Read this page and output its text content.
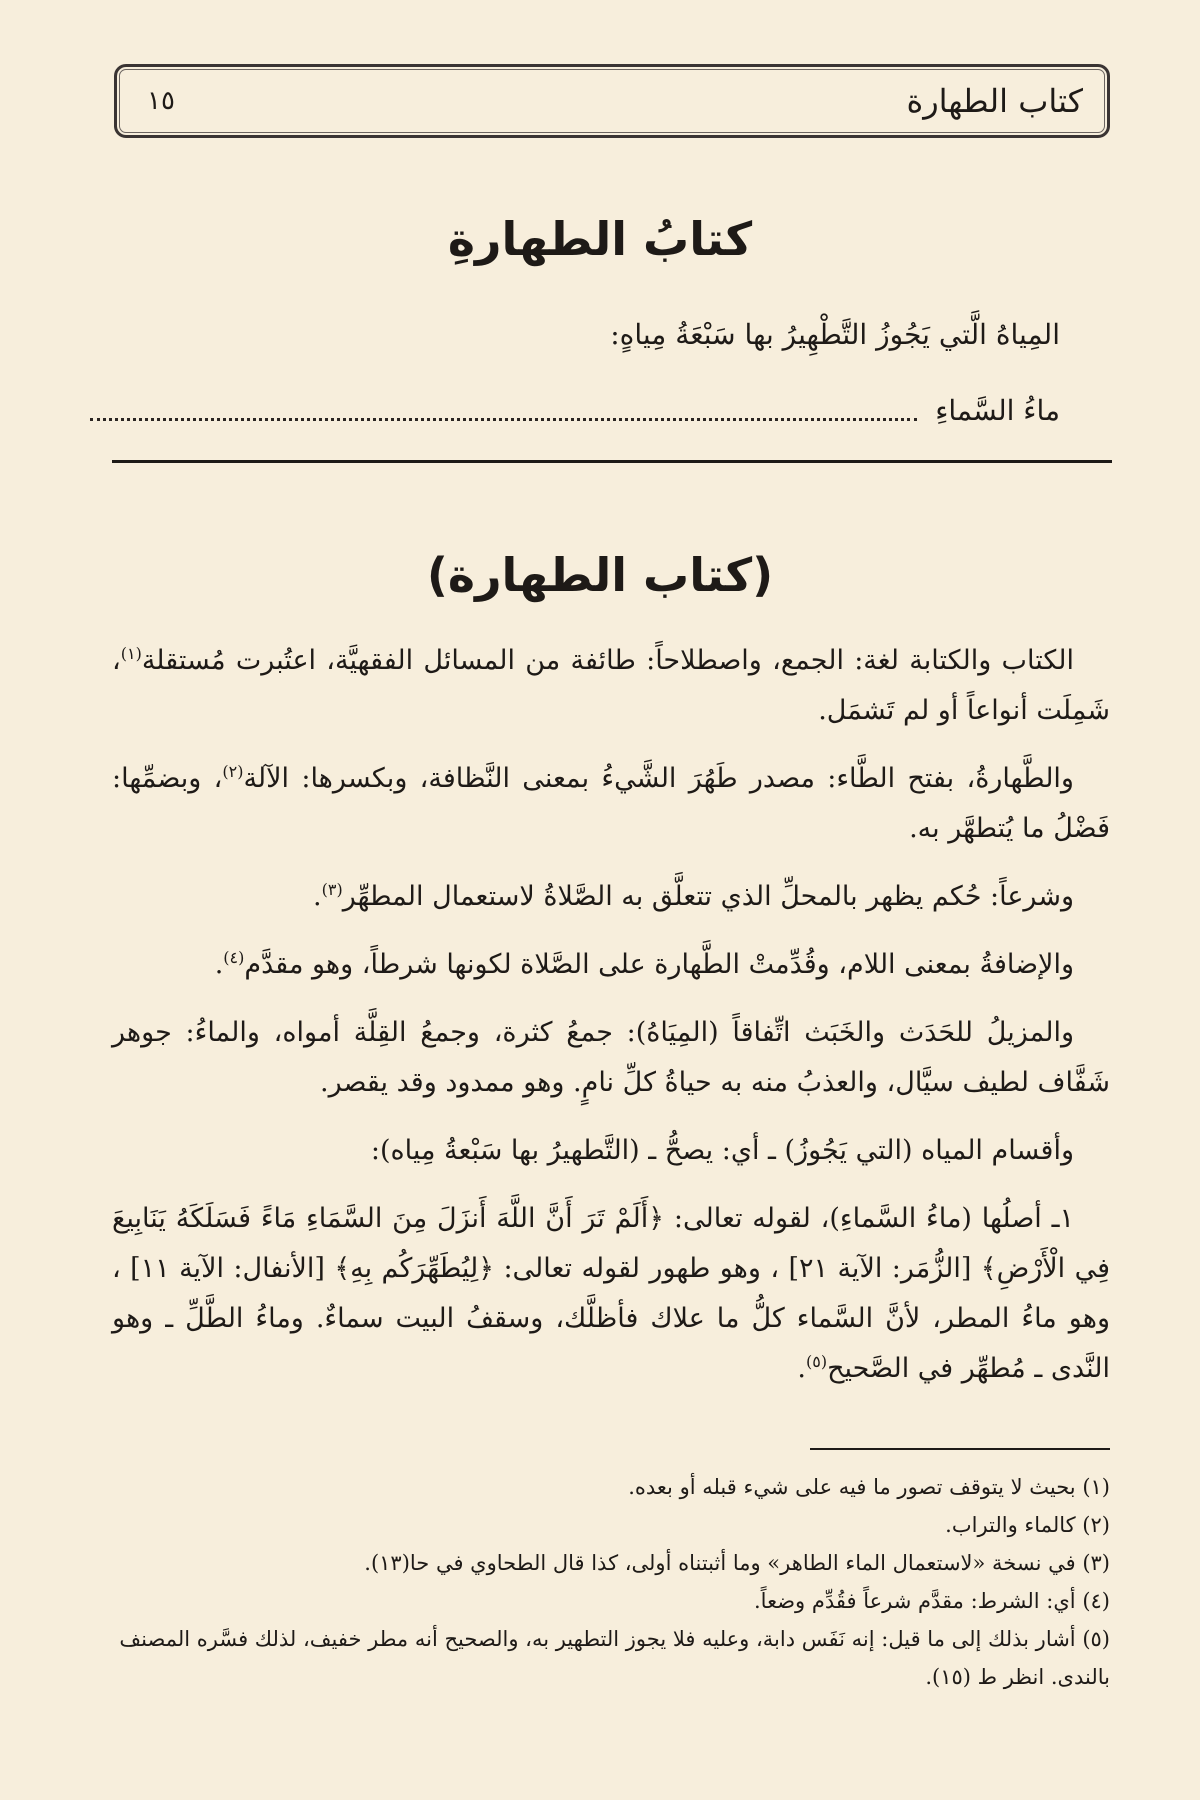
١٥	كتاب الطهارة
كتابُ الطهارةِ
المِياهُ الَّتي يَجُوزُ التَّطْهِيرُ بها سَبْعَةُ مِياهٍ:
ماءُ السَّماءِ
(كتاب الطهارة)

الكتاب والكتابة لغة: الجمع، واصطلاحاً: طائفة من المسائل الفقهيَّة، اعتُبرت مُستقلة$^{(١)}$، شَمِلَت أنواعاً أو لم تَشمَل.

والطَّهارةُ، بفتح الطَّاء: مصدر طَهُرَ الشَّيءُ بمعنى النَّظافة، وبكسرها: الآلة$^{(٢)}$، وبضمِّها: فَضْلُ ما يُتطهَّر به.

وشرعاً: حُكم يظهر بالمحلِّ الذي تتعلَّق به الصَّلاةُ لاستعمال المطهِّر$^{(٣)}$.

والإضافةُ بمعنى اللام، وقُدِّمتْ الطَّهارة على الصَّلاة لكونها شرطاً، وهو مقدَّم$^{(٤)}$.

والمزيلُ للحَدَث والخَبَث اتِّفاقاً (المِيَاهُ): جمعُ كثرة، وجمعُ القِلَّة أمواه، والماءُ: جوهر شَفَّاف لطيف سيَّال، والعذبُ منه به حياةُ كلِّ نامٍ. وهو ممدود وقد يقصر.

وأقسام المياه (التي يَجُوزُ) ـ أي: يصحُّ ـ (التَّطهيرُ بها سَبْعةُ مِياه):

١ـ أصلُها (ماءُ السَّماءِ)، لقوله تعالى: ﴿أَلَمْ تَرَ أَنَّ اللَّهَ أَنزَلَ مِنَ السَّمَاءِ مَاءً فَسَلَكَهُ يَنَابِيعَ فِي الْأَرْضِ﴾ [الزُّمَر: الآية ٢١] ، وهو طهور لقوله تعالى: ﴿لِيُطَهِّرَكُم بِهِ﴾ [الأنفال: الآية ١١] ، وهو ماءُ المطر، لأنَّ السَّماء كلُّ ما علاك فأظلَّك، وسقفُ البيت سماءٌ. وماءُ الطَّلِّ ـ وهو النَّدى ـ مُطهِّر في الصَّحيح$^{(٥)}$.

(١) بحيث لا يتوقف تصور ما فيه على شيء قبله أو بعده.

(٢) كالماء والتراب.

(٣) في نسخة «لاستعمال الماء الطاهر» وما أثبتناه أولى، كذا قال الطحاوي في حا(١٣).

(٤) أي: الشرط: مقدَّم شرعاً فقُدِّم وضعاً.

(٥) أشار بذلك إلى ما قيل: إنه نَفَس دابة، وعليه فلا يجوز التطهير به، والصحيح أنه مطر خفيف، لذلك فسَّره المصنف بالندى. انظر ط (١٥).
